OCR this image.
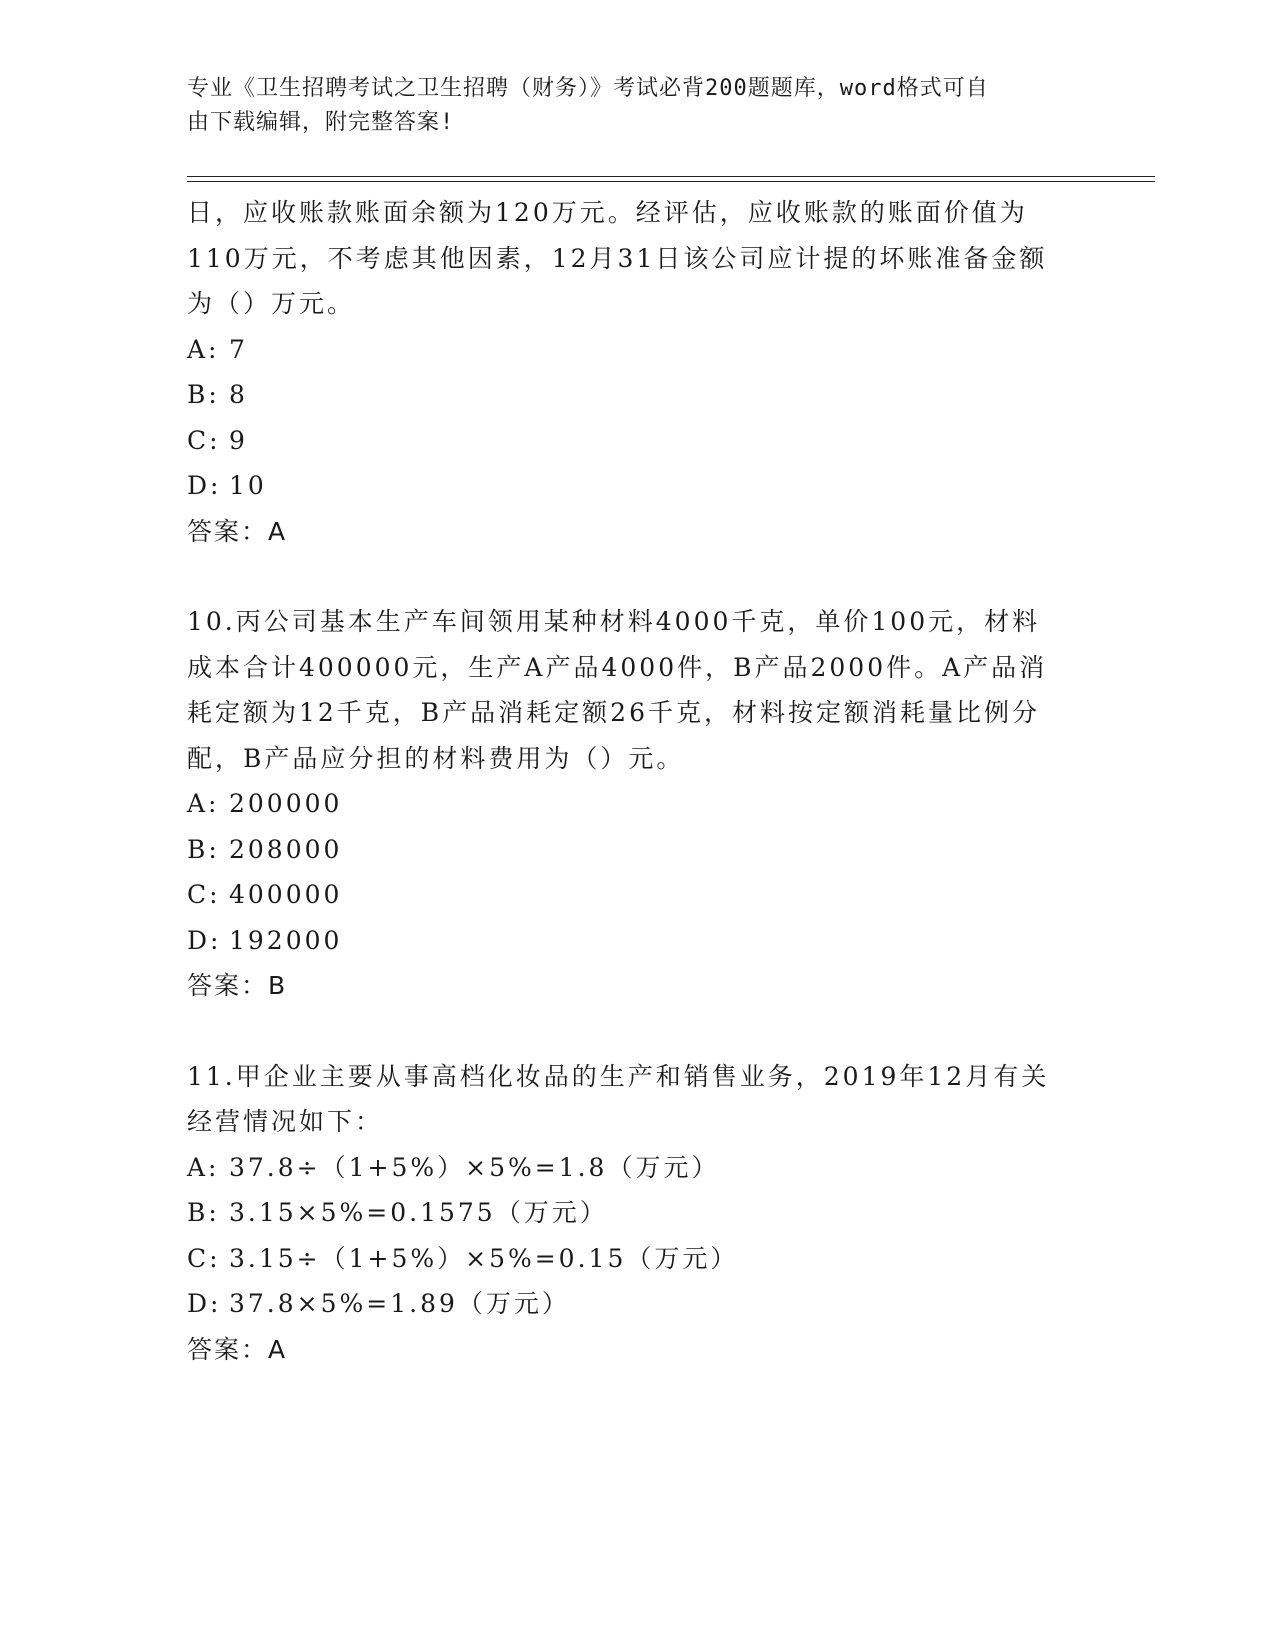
专业《卫生招聘考试之卫生招聘（财务）》考试必背200题题库，word格式可自
由下载编辑，附完整答案!
日，应收账款账面余额为120万元。经评估，应收账款的账面价值为
110万元，不考虑其他因素，12月31日该公司应计提的坏账准备金额
为（）万元。
A: 7
B: 8
C: 9
D: 10
答案：A
10.丙公司基本生产车间领用某种材料4000千克，单价100元，材料
成本合计400000元，生产A产品4000件，B产品2000件。A产品消
耗定额为12千克，B产品消耗定额26千克，材料按定额消耗量比例分
配，B产品应分担的材料费用为（）元。
A: 200000
B: 208000
C: 400000
D: 192000
答案：B
11.甲企业主要从事高档化妆品的生产和销售业务，2019年12月有关
经营情况如下：
A: 37.8÷（1+5%）×5%=1.8（万元）
B: 3.15×5%=0.1575（万元）
C: 3.15÷（1+5%）×5%=0.15（万元）
D: 37.8×5%=1.89（万元）
答案：A
